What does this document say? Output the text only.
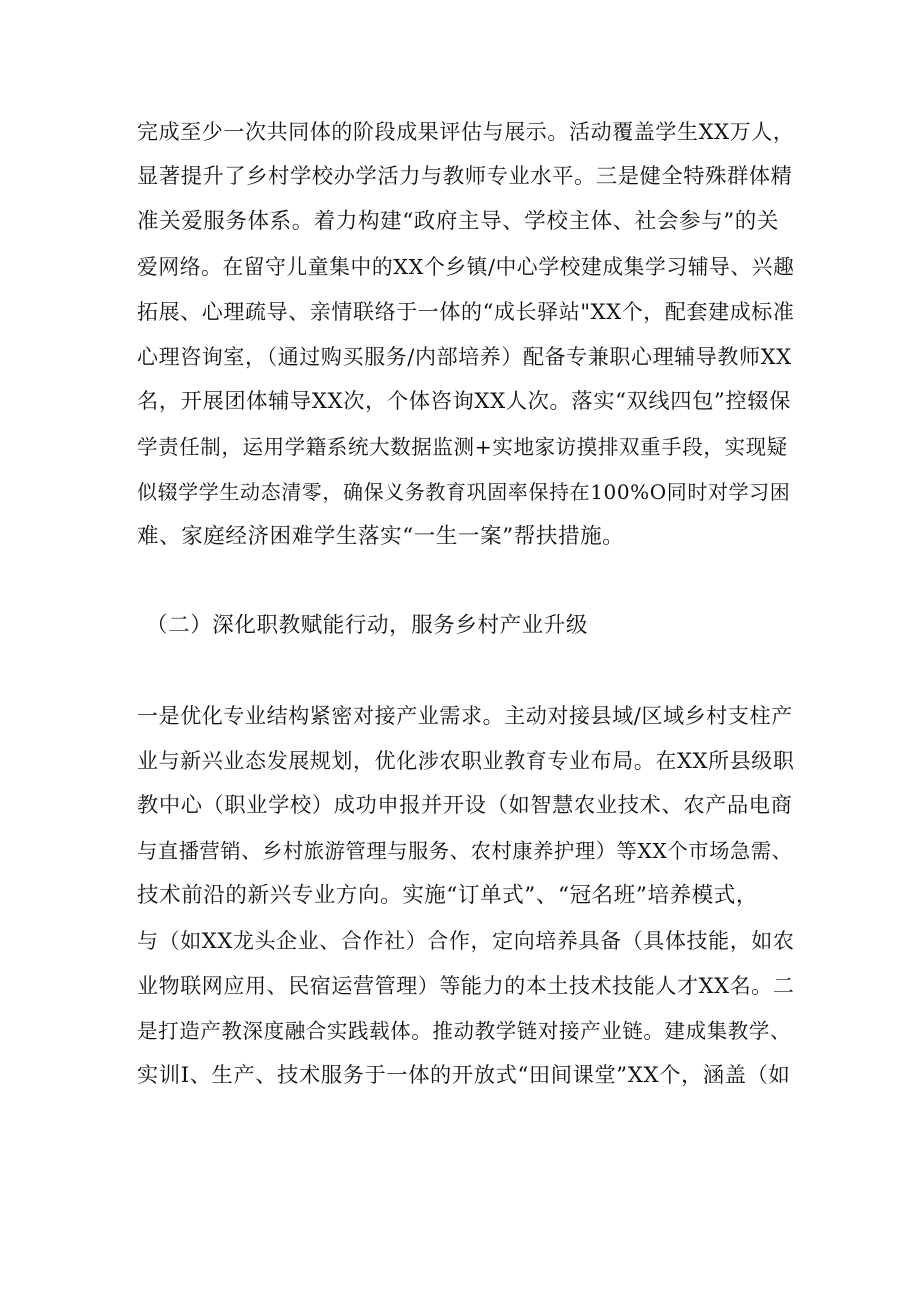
完成至少一次共同体的阶段成果评估与展示。活动覆盖学生XX万人，
显著提升了乡村学校办学活力与教师专业水平。三是健全特殊群体精
准关爱服务体系。着力构建“政府主导、学校主体、社会参与”的关
爱网络。在留守儿童集中的XX个乡镇/中心学校建成集学习辅导、兴趣
拓展、心理疏导、亲情联络于一体的“成长驿站"XX个，配套建成标准
心理咨询室，（通过购买服务/内部培养）配备专兼职心理辅导教师XX
名，开展团体辅导XX次，个体咨询XX人次。落实“双线四包”控辍保
学责任制，运用学籍系统大数据监测+实地家访摸排双重手段，实现疑
似辍学学生动态清零，确保义务教育巩固率保持在100%O同时对学习困
难、家庭经济困难学生落实“一生一案”帮扶措施。
（二）深化职教赋能行动，服务乡村产业升级
一是优化专业结构紧密对接产业需求。主动对接县域/区域乡村支柱产
业与新兴业态发展规划，优化涉农职业教育专业布局。在XX所县级职
教中心（职业学校）成功申报并开设（如智慧农业技术、农产品电商
与直播营销、乡村旅游管理与服务、农村康养护理）等XX个市场急需、
技术前沿的新兴专业方向。实施“订单式”、“冠名班”培养模式，
与（如XX龙头企业、合作社）合作，定向培养具备（具体技能，如农
业物联网应用、民宿运营管理）等能力的本土技术技能人才XX名。二
是打造产教深度融合实践载体。推动教学链对接产业链。建成集教学、
实训I、生产、技术服务于一体的开放式“田间课堂”XX个，涵盖（如
